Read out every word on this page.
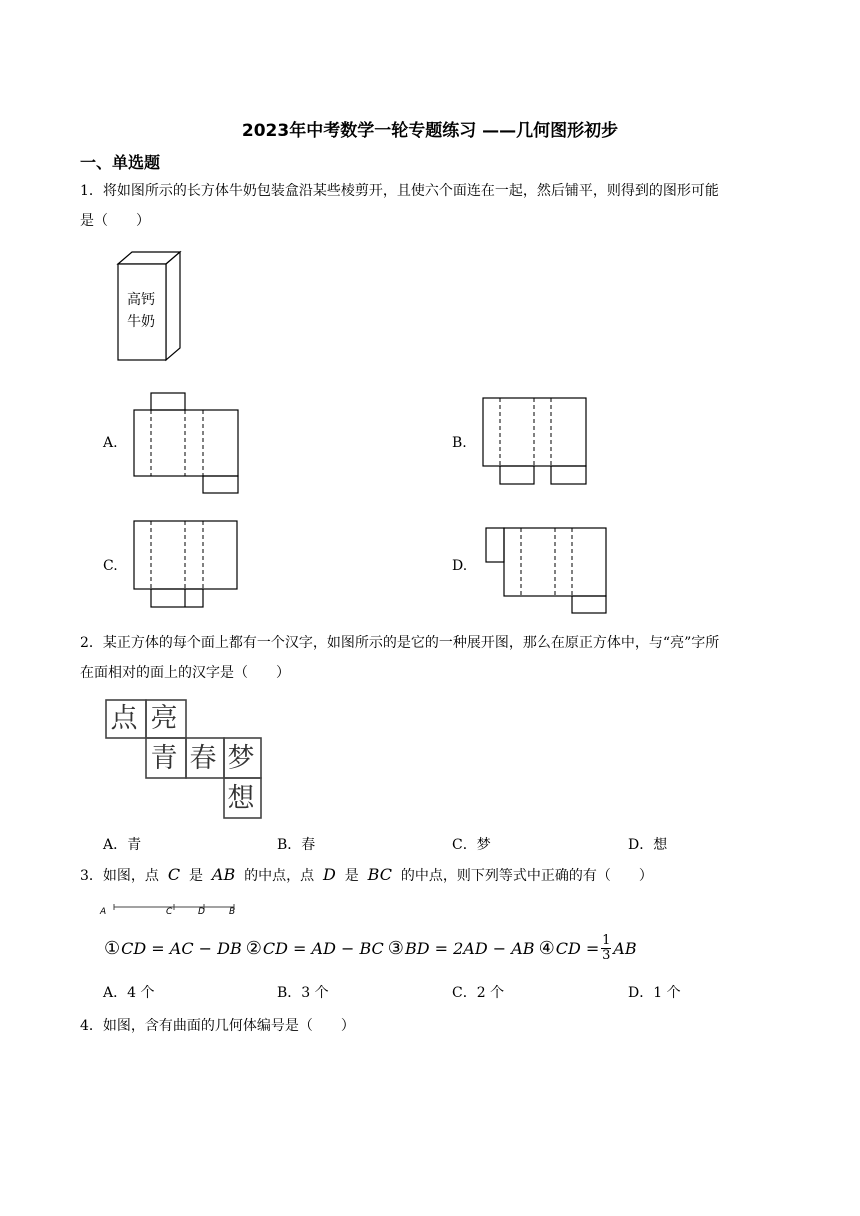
2023年中考数学一轮专题练习 ——几何图形初步
一、单选题
1．将如图所示的长方体牛奶包装盒沿某些棱剪开，且使六个面连在一起，然后铺平，则得到的图形可能
是（　　）
高钙
牛奶
A.	B.
C.	D.
2．某正方体的每个面上都有一个汉字，如图所示的是它的一种展开图，那么在原正方体中，与“亮”字所
在面相对的面上的汉字是（　　）
点 亮
青 春 梦
想
A．青	B．春	C．梦	D．想
3．如图，点 C 是 AB 的中点，点 D 是 BC 的中点，则下列等式中正确的有（　　）
A	C	D	B
① CD = AC − DB ② CD = AD − BC ③ BD = 2AD − AB ④ CD = $\frac{1}{3}$ AB
A．4 个	B．3 个	C．2 个	D．1 个
4．如图，含有曲面的几何体编号是（　　）
